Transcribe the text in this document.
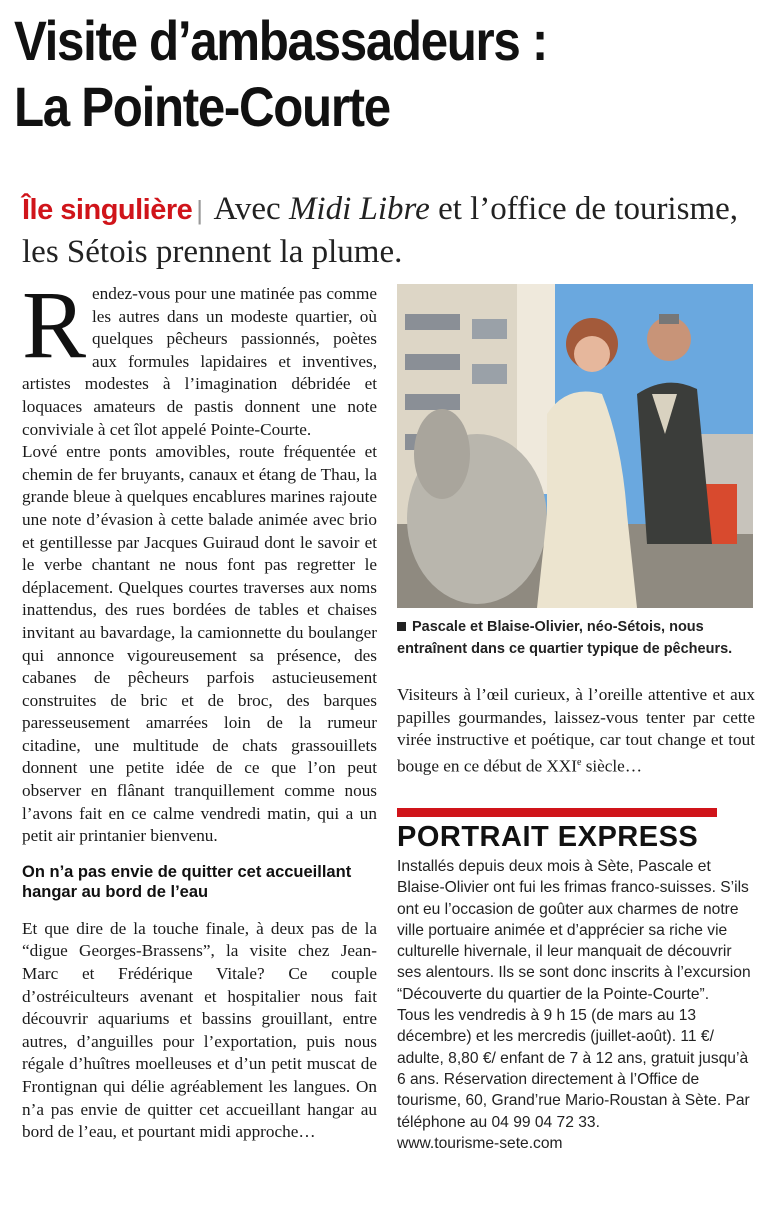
Visite d’ambassadeurs :
La Pointe-Courte
Île singulière | Avec Midi Libre et l’office de tourisme, les Sétois prennent la plume.

Rendez-vous pour une matinée pas comme les autres dans un modeste quartier, où quelques pêcheurs passionnés, poètes aux formules lapidaires et inventives, artistes modestes à l’imagination débridée et loquaces amateurs de pastis donnent une note conviviale à cet îlot appelé Pointe-Courte.

Lové entre ponts amovibles, route fréquentée et chemin de fer bruyants, canaux et étang de Thau, la grande bleue à quelques encablures marines rajoute une note d’évasion à cette balade animée avec brio et gentillesse par Jacques Guiraud dont le savoir et le verbe chantant ne nous font pas regretter le déplacement. Quelques courtes traverses aux noms inattendus, des rues bordées de tables et chaises invitant au bavardage, la camionnette du boulanger qui annonce vigoureusement sa présence, des cabanes de pêcheurs parfois astucieusement construites de bric et de broc, des barques paresseusement amarrées loin de la rumeur citadine, une multitude de chats grassouillets donnent une petite idée de ce que l’on peut observer en flânant tranquillement comme nous l’avons fait en ce calme vendredi matin, qui a un petit air printanier bienvenu.

On n’a pas envie de quitter cet accueillant hangar au bord de l’eau

Et que dire de la touche finale, à deux pas de la “digue Georges-Brassens”, la visite chez Jean-Marc et Frédérique Vitale? Ce couple d’ostréiculteurs avenant et hospitalier nous fait découvrir aquariums et bassins grouillant, entre autres, d’anguilles pour l’exportation, puis nous régale d’huîtres moelleuses et d’un petit muscat de Frontignan qui délie agréablement les langues. On n’a pas envie de quitter cet accueillant hangar au bord de l’eau, et pourtant midi approche…

Pascale et Blaise-Olivier, néo-Sétois, nous entraînent dans ce quartier typique de pêcheurs.

Visiteurs à l’œil curieux, à l’oreille attentive et aux papilles gourmandes, laissez-vous tenter par cette virée instructive et poétique, car tout change et tout bouge en ce début de XXIe siècle…

PORTRAIT EXPRESS

Installés depuis deux mois à Sète, Pascale et Blaise-Olivier ont fui les frimas franco-suisses. S’ils ont eu l’occasion de goûter aux charmes de notre ville portuaire animée et d’apprécier sa riche vie culturelle hivernale, il leur manquait de découvrir ses alentours. Ils se sont donc inscrits à l’excursion “Découverte du quartier de la Pointe-Courte”.

Tous les vendredis à 9 h 15 (de mars au 13 décembre) et les mercredis (juillet-août). 11 €/ adulte, 8,80 €/ enfant de 7 à 12 ans, gratuit jusqu’à 6 ans. Réservation directement à l’Office de tourisme, 60, Grand’rue Mario-Roustan à Sète. Par téléphone au 04 99 04 72 33.

www.tourisme-sete.com
